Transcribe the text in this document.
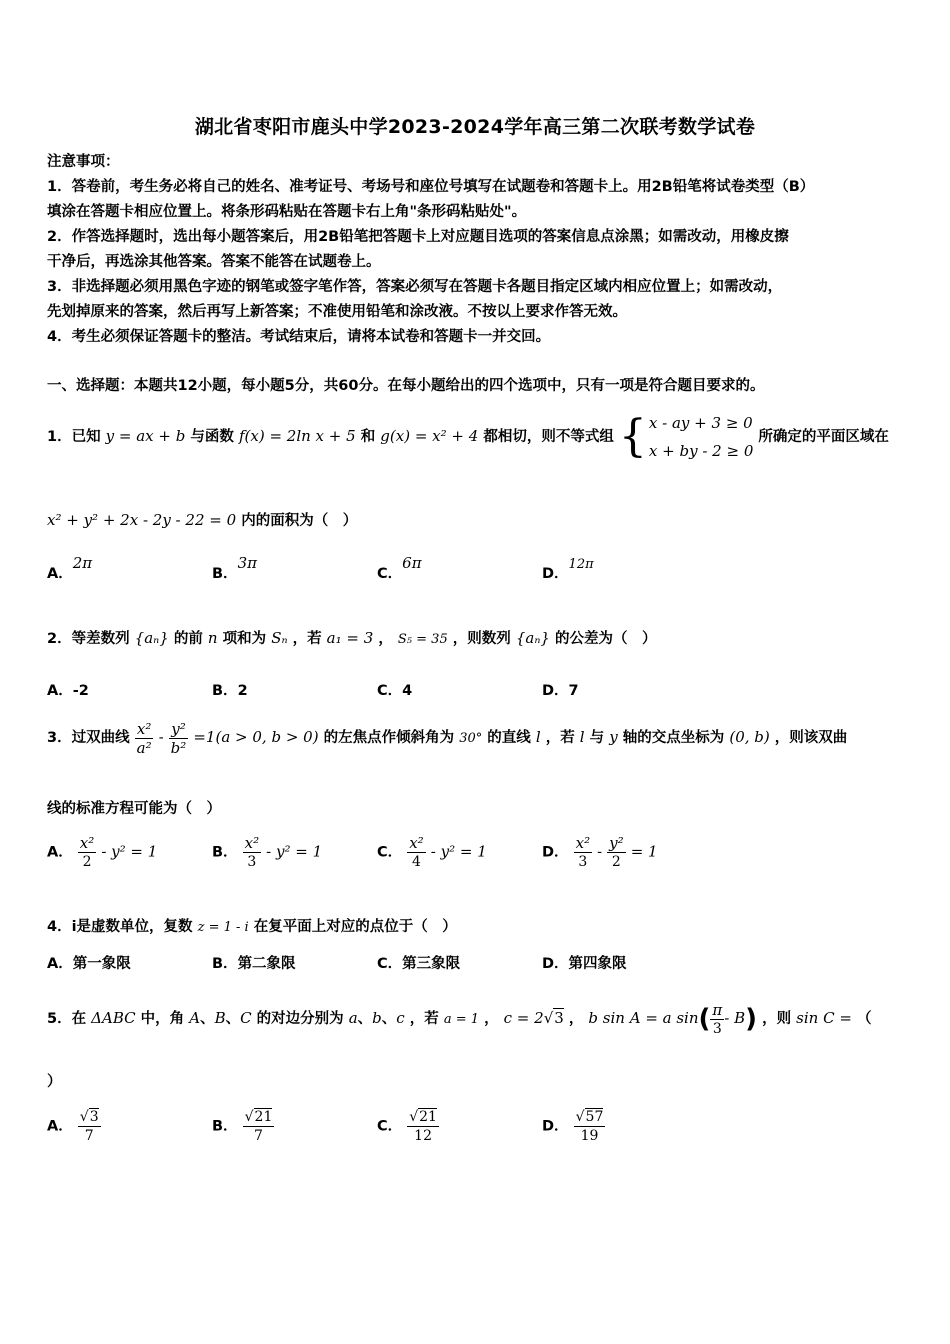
湖北省枣阳市鹿头中学2023-2024学年高三第二次联考数学试卷
注意事项：
1．答卷前，考生务必将自己的姓名、准考证号、考场号和座位号填写在试题卷和答题卡上。用2B铅笔将试卷类型（B）
填涂在答题卡相应位置上。将条形码粘贴在答题卡右上角"条形码粘贴处"。
2．作答选择题时，选出每小题答案后，用2B铅笔把答题卡上对应题目选项的答案信息点涂黑；如需改动，用橡皮擦
干净后，再选涂其他答案。答案不能答在试题卷上。
3．非选择题必须用黑色字迹的钢笔或签字笔作答，答案必须写在答题卡各题目指定区域内相应位置上；如需改动，
先划掉原来的答案，然后再写上新答案；不准使用铅笔和涂改液。不按以上要求作答无效。
4．考生必须保证答题卡的整洁。考试结束后，请将本试卷和答题卡一并交回。
一、选择题：本题共12小题，每小题5分，共60分。在每小题给出的四个选项中，只有一项是符合题目要求的。
1．已知 y = ax + b 与函数 f(x) = 2ln x + 5 和 g(x) = x² + 4 都相切，则不等式组 { x - ay + 3 ≥ 0
x + by - 2 ≥ 0
所确定的平面区域在
x² + y² + 2x - 2y - 22 = 0 内的面积为（　）
A．2π
B．3π
C．6π
D．12π
2．等差数列 {aₙ} 的前 n 项和为 Sₙ ，若 a₁ = 3 ， S₅ = 35 ，则数列 {aₙ} 的公差为（　）
A．-2	B．2	C．4	D．7
3．过双曲线 $\frac{\text{x²}}{\text{a²}} - \frac{\text{y²}}{\text{b²}} =1(a > 0$, b > 0) 的左焦点作倾斜角为 30° 的直线 l ，若 l 与 y 轴的交点坐标为 (0, b) ，则该双曲
线的标准方程可能为（　）
A． $\frac{\text{x²}}{2} - y^2 = 1$	B． $\frac{\text{x²}}{3} - y^2 = 1$	C． $\frac{\text{x²}}{4} - y^2 = 1$	D． $\frac{\text{x²}}{3} - \frac{\text{y²}}{2} = 1$
4．i是虚数单位，复数 z = 1 - i 在复平面上对应的点位于（　）
A．第一象限	B．第二象限	C．第三象限	D．第四象限
5．在 ΔABC 中，角 A、B、C 的对边分别为 a、b、c ，若 a = 1 ， c = 2√3 ， b sin A = a $\sin( \frac{\pi}{3} - B)$ ，则 sin C = （
）
A． $\frac{√3}{7}$	B． $\frac{√21}{7}$	C． $\frac{√21}{12}$	D． $\frac{√57}{19}$
